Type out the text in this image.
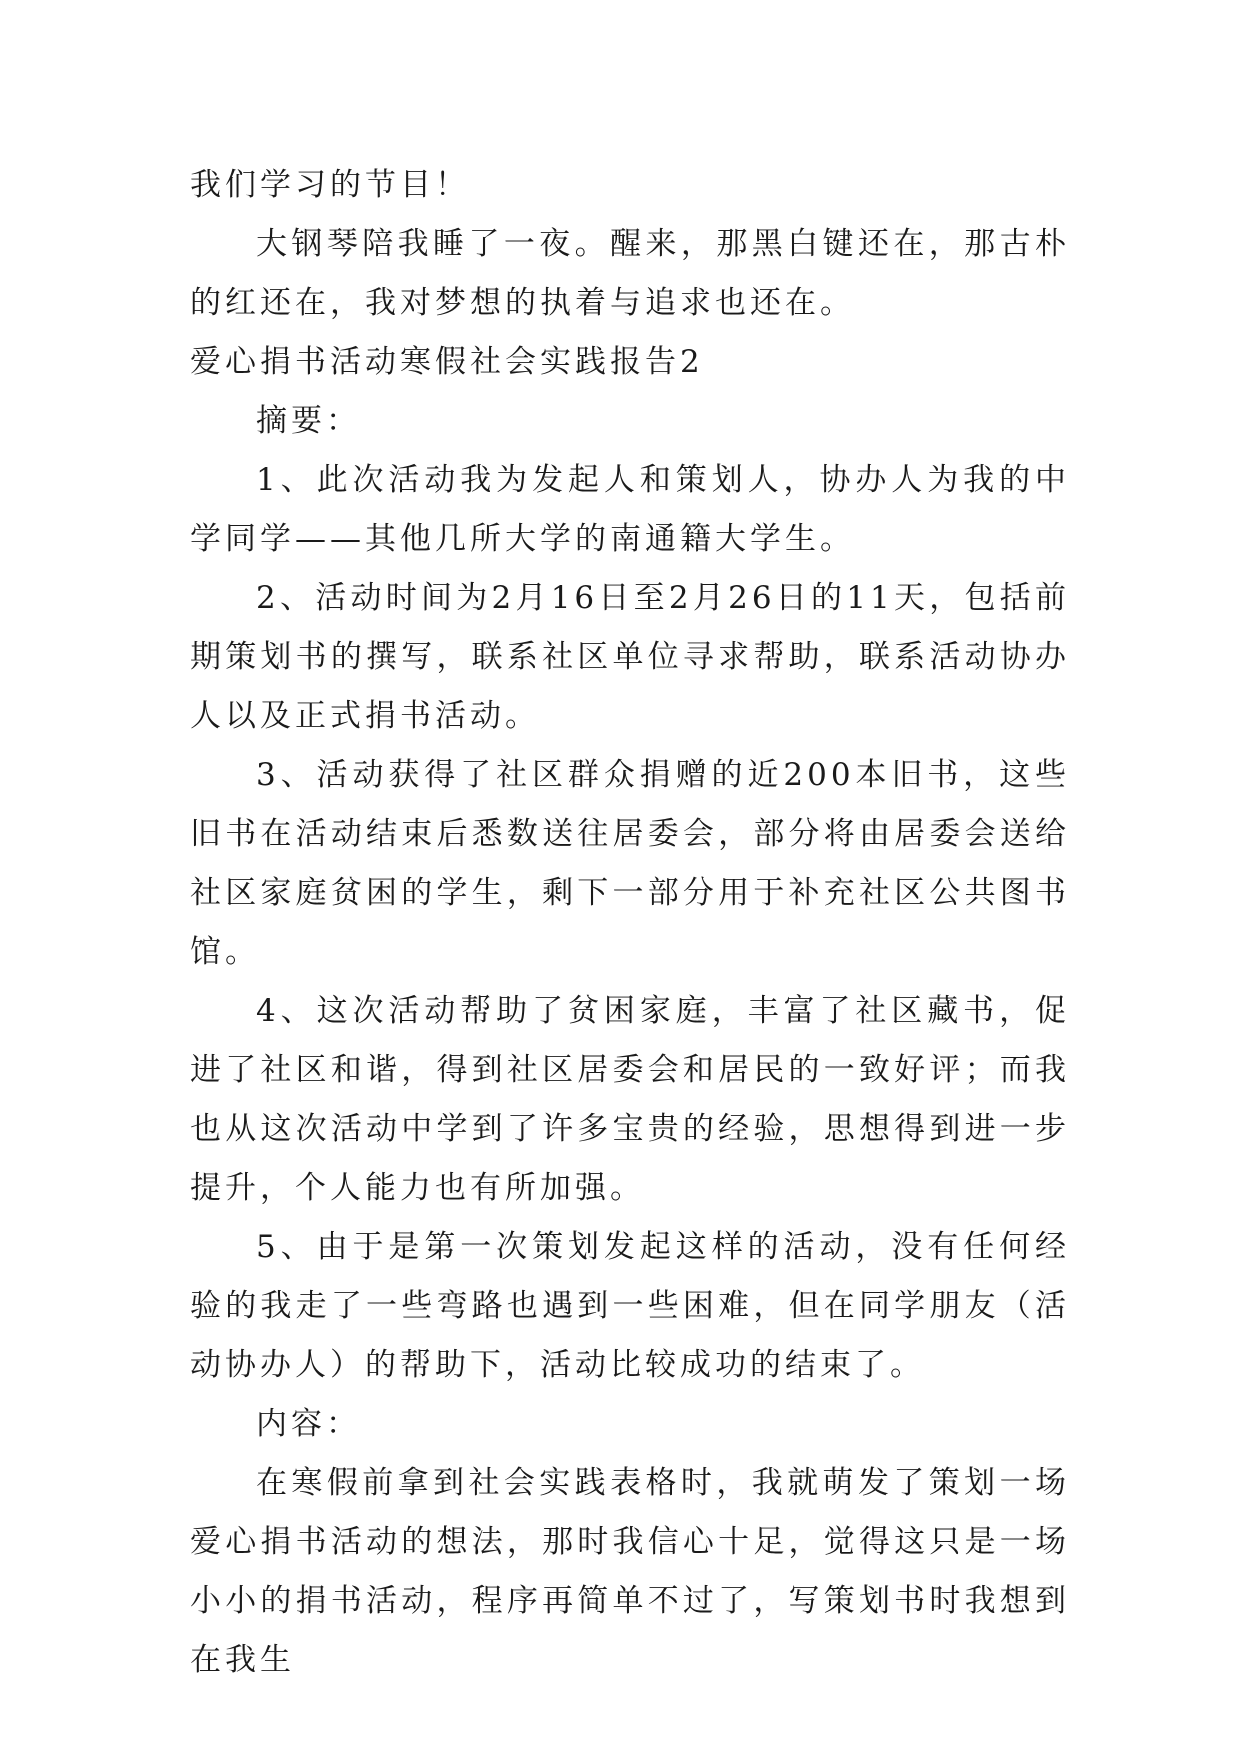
我们学习的节目！

大钢琴陪我睡了一夜。醒来，那黑白键还在，那古朴的红还在，我对梦想的执着与追求也还在。

爱心捐书活动寒假社会实践报告2

摘要：

1、此次活动我为发起人和策划人，协办人为我的中学同学——其他几所大学的南通籍大学生。

2、活动时间为2月16日至2月26日的11天，包括前期策划书的撰写，联系社区单位寻求帮助，联系活动协办人以及正式捐书活动。

3、活动获得了社区群众捐赠的近200本旧书，这些旧书在活动结束后悉数送往居委会，部分将由居委会送给社区家庭贫困的学生，剩下一部分用于补充社区公共图书馆。

4、这次活动帮助了贫困家庭，丰富了社区藏书，促进了社区和谐，得到社区居委会和居民的一致好评；而我也从这次活动中学到了许多宝贵的经验，思想得到进一步提升，个人能力也有所加强。

5、由于是第一次策划发起这样的活动，没有任何经验的我走了一些弯路也遇到一些困难，但在同学朋友（活动协办人）的帮助下，活动比较成功的结束了。

内容：

在寒假前拿到社会实践表格时，我就萌发了策划一场爱心捐书活动的想法，那时我信心十足，觉得这只是一场小小的捐书活动，程序再简单不过了，写策划书时我想到在我生
